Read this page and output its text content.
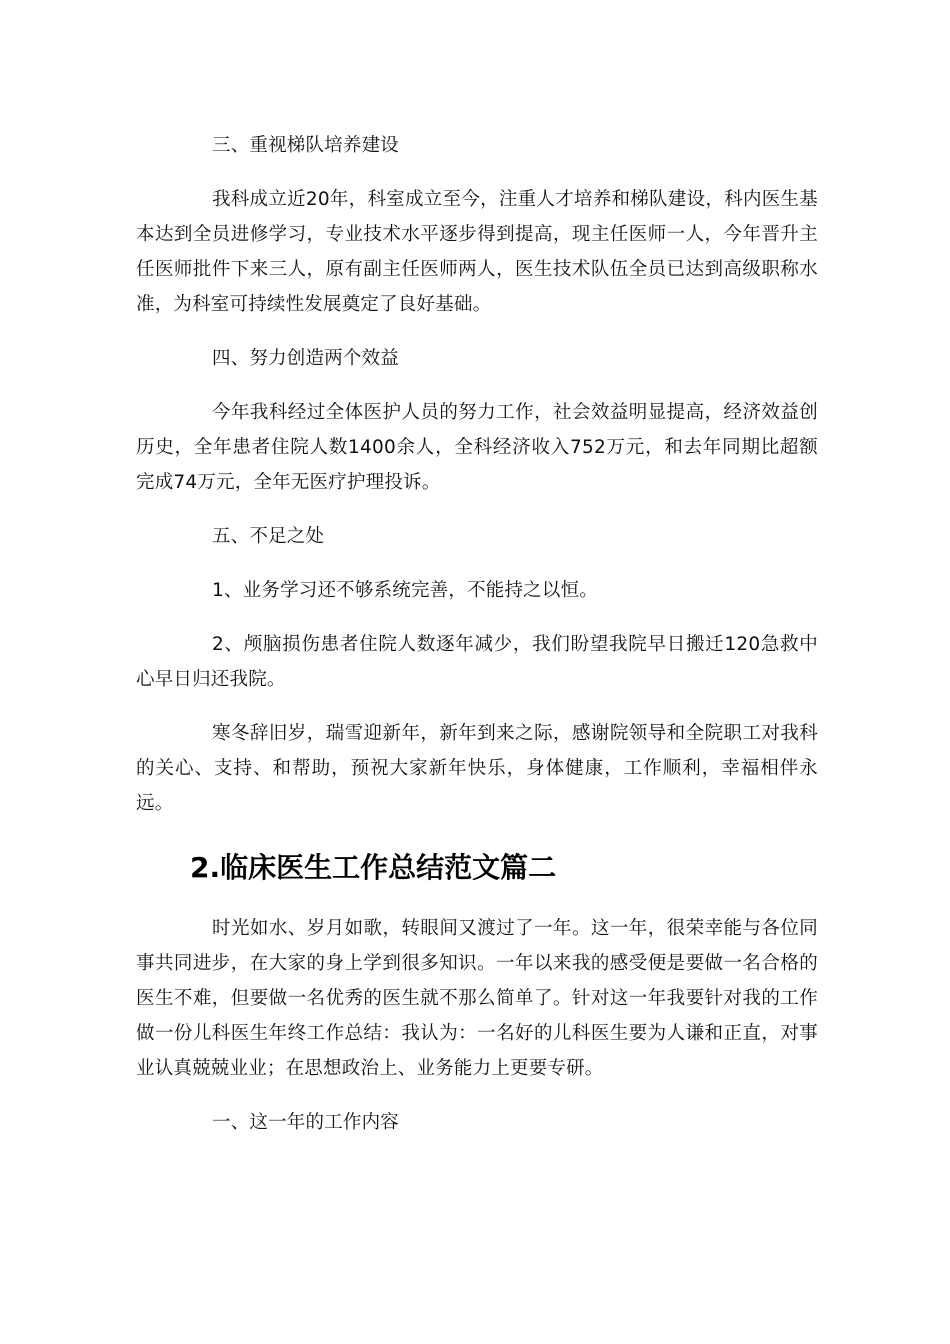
三、重视梯队培养建设

我科成立近20年，科室成立至今，注重人才培养和梯队建设，科内医生基本达到全员进修学习，专业技术水平逐步得到提高，现主任医师一人，今年晋升主任医师批件下来三人，原有副主任医师两人，医生技术队伍全员已达到高级职称水准，为科室可持续性发展奠定了良好基础。

四、努力创造两个效益

今年我科经过全体医护人员的努力工作，社会效益明显提高，经济效益创历史，全年患者住院人数1400余人，全科经济收入752万元，和去年同期比超额完成74万元，全年无医疗护理投诉。

五、不足之处

1、业务学习还不够系统完善，不能持之以恒。

2、颅脑损伤患者住院人数逐年减少，我们盼望我院早日搬迁120急救中心早日归还我院。

寒冬辞旧岁，瑞雪迎新年，新年到来之际，感谢院领导和全院职工对我科的关心、支持、和帮助，预祝大家新年快乐，身体健康，工作顺利，幸福相伴永远。

2.临床医生工作总结范文篇二

时光如水、岁月如歌，转眼间又渡过了一年。这一年，很荣幸能与各位同事共同进步，在大家的身上学到很多知识。一年以来我的感受便是要做一名合格的医生不难，但要做一名优秀的医生就不那么简单了。针对这一年我要针对我的工作做一份儿科医生年终工作总结：我认为：一名好的儿科医生要为人谦和正直，对事业认真兢兢业业；在思想政治上、业务能力上更要专研。

一、这一年的工作内容
